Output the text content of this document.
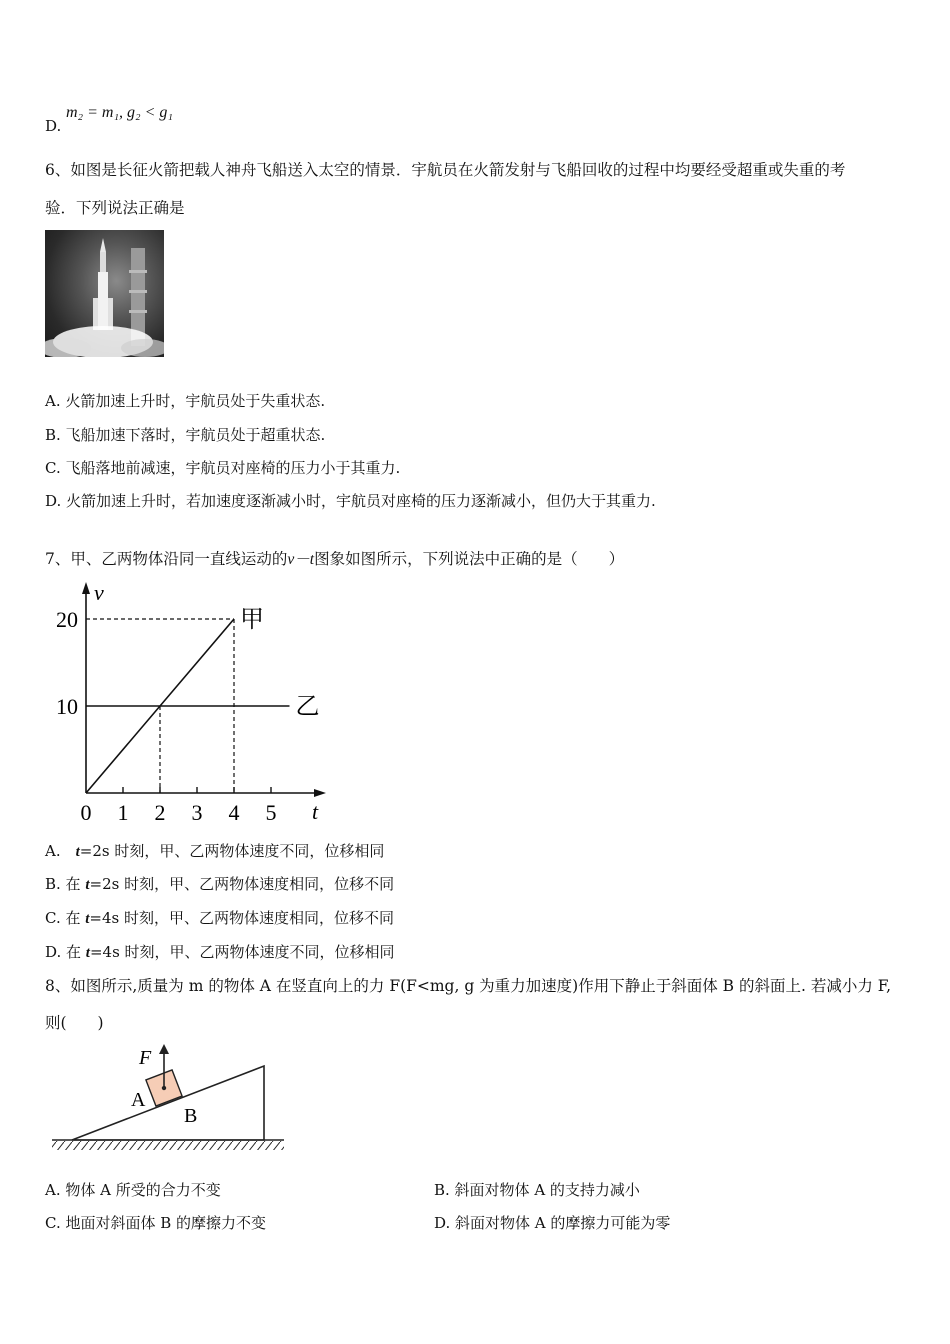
D.
m₂ = m₁, g₂ < g₁
6、如图是长征火箭把载人神舟飞船送入太空的情景．宇航员在火箭发射与飞船回收的过程中均要经受超重或失重的考
验．下列说法正确是
A. 火箭加速上升时，宇航员处于失重状态.
B. 飞船加速下落时，宇航员处于超重状态.
C. 飞船落地前减速，宇航员对座椅的压力小于其重力.
D. 火箭加速上升时，若加速度逐渐减小时，宇航员对座椅的压力逐渐减小，但仍大于其重力.
7、甲、乙两物体沿同一直线运动的v－t图象如图所示，下列说法中正确的是（　　）
t
v
0 1 2 3 4 5
10
20	甲
乙
A.　t=2s 时刻，甲、乙两物体速度不同，位移相同
B. 在 t=2s 时刻，甲、乙两物体速度相同，位移不同
C. 在 t=4s 时刻，甲、乙两物体速度相同，位移不同
D. 在 t=4s 时刻，甲、乙两物体速度不同，位移相同
8、如图所示,质量为 m 的物体 A 在竖直向上的力 F(F<mg, g 为重力加速度)作用下静止于斜面体 B 的斜面上. 若减小力 F,
则(　　)
F
A
B
A. 物体 A 所受的合力不变	B. 斜面对物体 A 的支持力减小
C. 地面对斜面体 B 的摩擦力不变	D. 斜面对物体 A 的摩擦力可能为零
